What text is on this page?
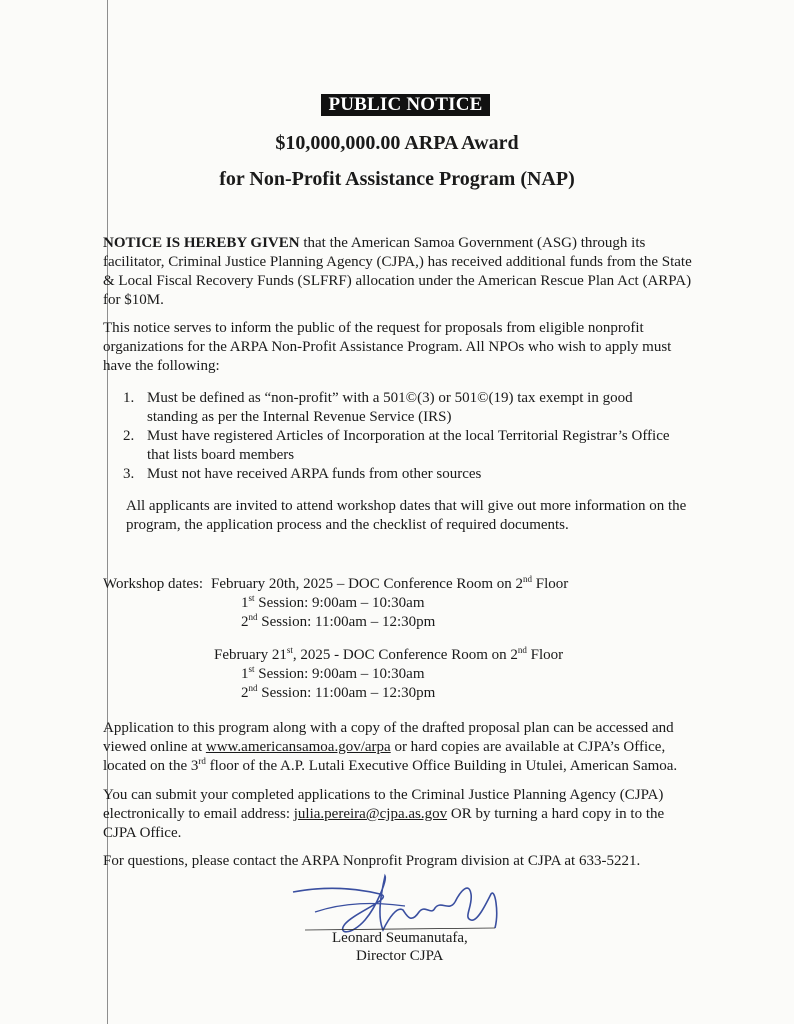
PUBLIC NOTICE
$10,000,000.00 ARPA Award
for Non-Profit Assistance Program (NAP)
NOTICE IS HEREBY GIVEN that the American Samoa Government (ASG) through its facilitator, Criminal Justice Planning Agency (CJPA,) has received additional funds from the State & Local Fiscal Recovery Funds (SLFRF) allocation under the American Rescue Plan Act (ARPA) for $10M.
This notice serves to inform the public of the request for proposals from eligible nonprofit organizations for the ARPA Non-Profit Assistance Program. All NPOs who wish to apply must have the following:
1. Must be defined as “non-profit” with a 501©(3) or 501©(19) tax exempt in good standing as per the Internal Revenue Service (IRS)
2. Must have registered Articles of Incorporation at the local Territorial Registrar’s Office that lists board members
3. Must not have received ARPA funds from other sources
All applicants are invited to attend workshop dates that will give out more information on the program, the application process and the checklist of required documents.
Workshop dates: February 20th, 2025 – DOC Conference Room on 2nd Floor
1st Session: 9:00am – 10:30am
2nd Session: 11:00am – 12:30pm
February 21st, 2025 - DOC Conference Room on 2nd Floor
1st Session: 9:00am – 10:30am
2nd Session: 11:00am – 12:30pm
Application to this program along with a copy of the drafted proposal plan can be accessed and viewed online at www.americansamoa.gov/arpa or hard copies are available at CJPA’s Office, located on the 3rd floor of the A.P. Lutali Executive Office Building in Utulei, American Samoa.
You can submit your completed applications to the Criminal Justice Planning Agency (CJPA) electronically to email address: julia.pereira@cjpa.as.gov OR by turning a hard copy in to the CJPA Office.
For questions, please contact the ARPA Nonprofit Program division at CJPA at 633-5221.
Leonard Seumanutafa,
Director CJPA
